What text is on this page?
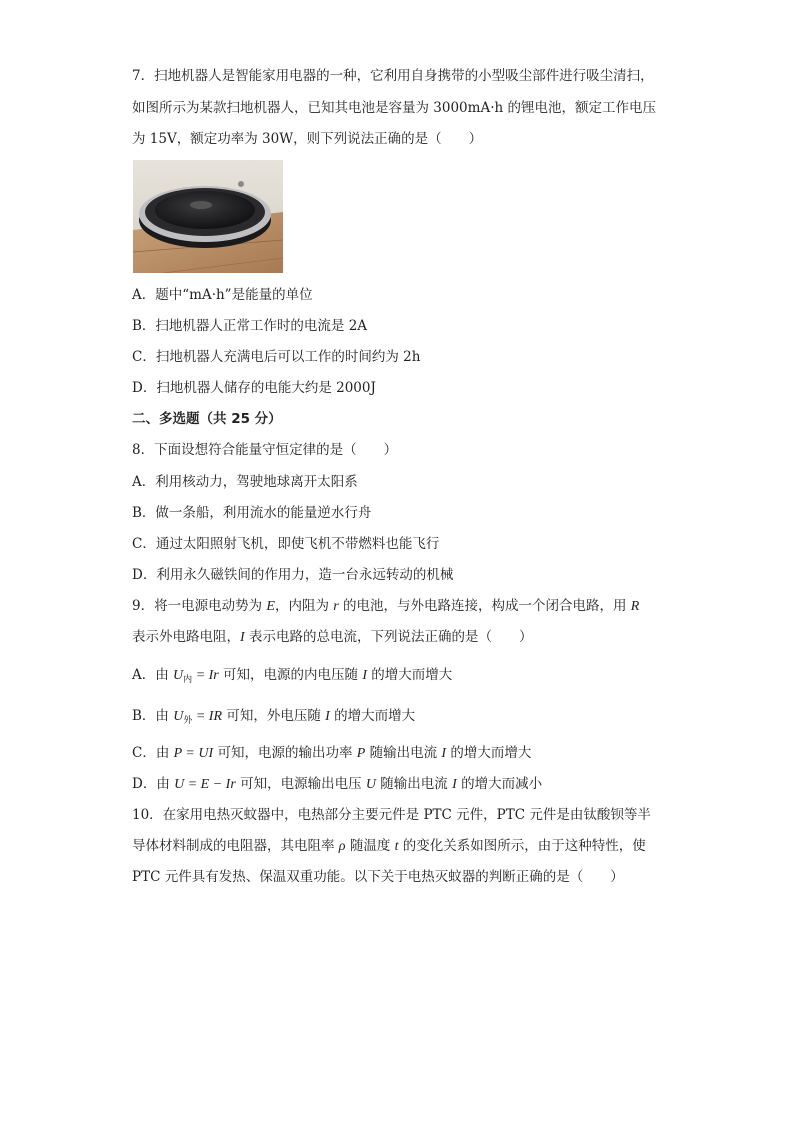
7．扫地机器人是智能家用电器的一种，它利用自身携带的小型吸尘部件进行吸尘清扫，
如图所示为某款扫地机器人，已知其电池是容量为 3000mA·h 的锂电池，额定工作电压
为 15V，额定功率为 30W，则下列说法正确的是（　　）
A．题中“mA·h”是能量的单位
B．扫地机器人正常工作时的电流是 2A
C．扫地机器人充满电后可以工作的时间约为 2h
D．扫地机器人储存的电能大约是 2000J
二、多选题（共 25 分）
8．下面设想符合能量守恒定律的是（　　）
A．利用核动力，驾驶地球离开太阳系
B．做一条船，利用流水的能量逆水行舟
C．通过太阳照射飞机，即使飞机不带燃料也能飞行
D．利用永久磁铁间的作用力，造一台永远转动的机械
9．将一电源电动势为 E，内阻为 r 的电池，与外电路连接，构成一个闭合电路，用 R
表示外电路电阻，I 表示电路的总电流，下列说法正确的是（　　）
A．由 $U_内 = Ir$ 可知，电源的内电压随 I 的增大而增大
B．由 $U_外$ = IR 可知，外电压随 I 的增大而增大
C．由 P = UI 可知，电源的输出功率 P 随输出电流 I 的增大而增大
D．由 U = E − Ir 可知，电源输出电压 U 随输出电流 I 的增大而减小
10．在家用电热灭蚊器中，电热部分主要元件是 PTC 元件，PTC 元件是由钛酸钡等半
导体材料制成的电阻器，其电阻率 ρ 随温度 t 的变化关系如图所示，由于这种特性，使
PTC 元件具有发热、保温双重功能。以下关于电热灭蚊器的判断正确的是（　　）
